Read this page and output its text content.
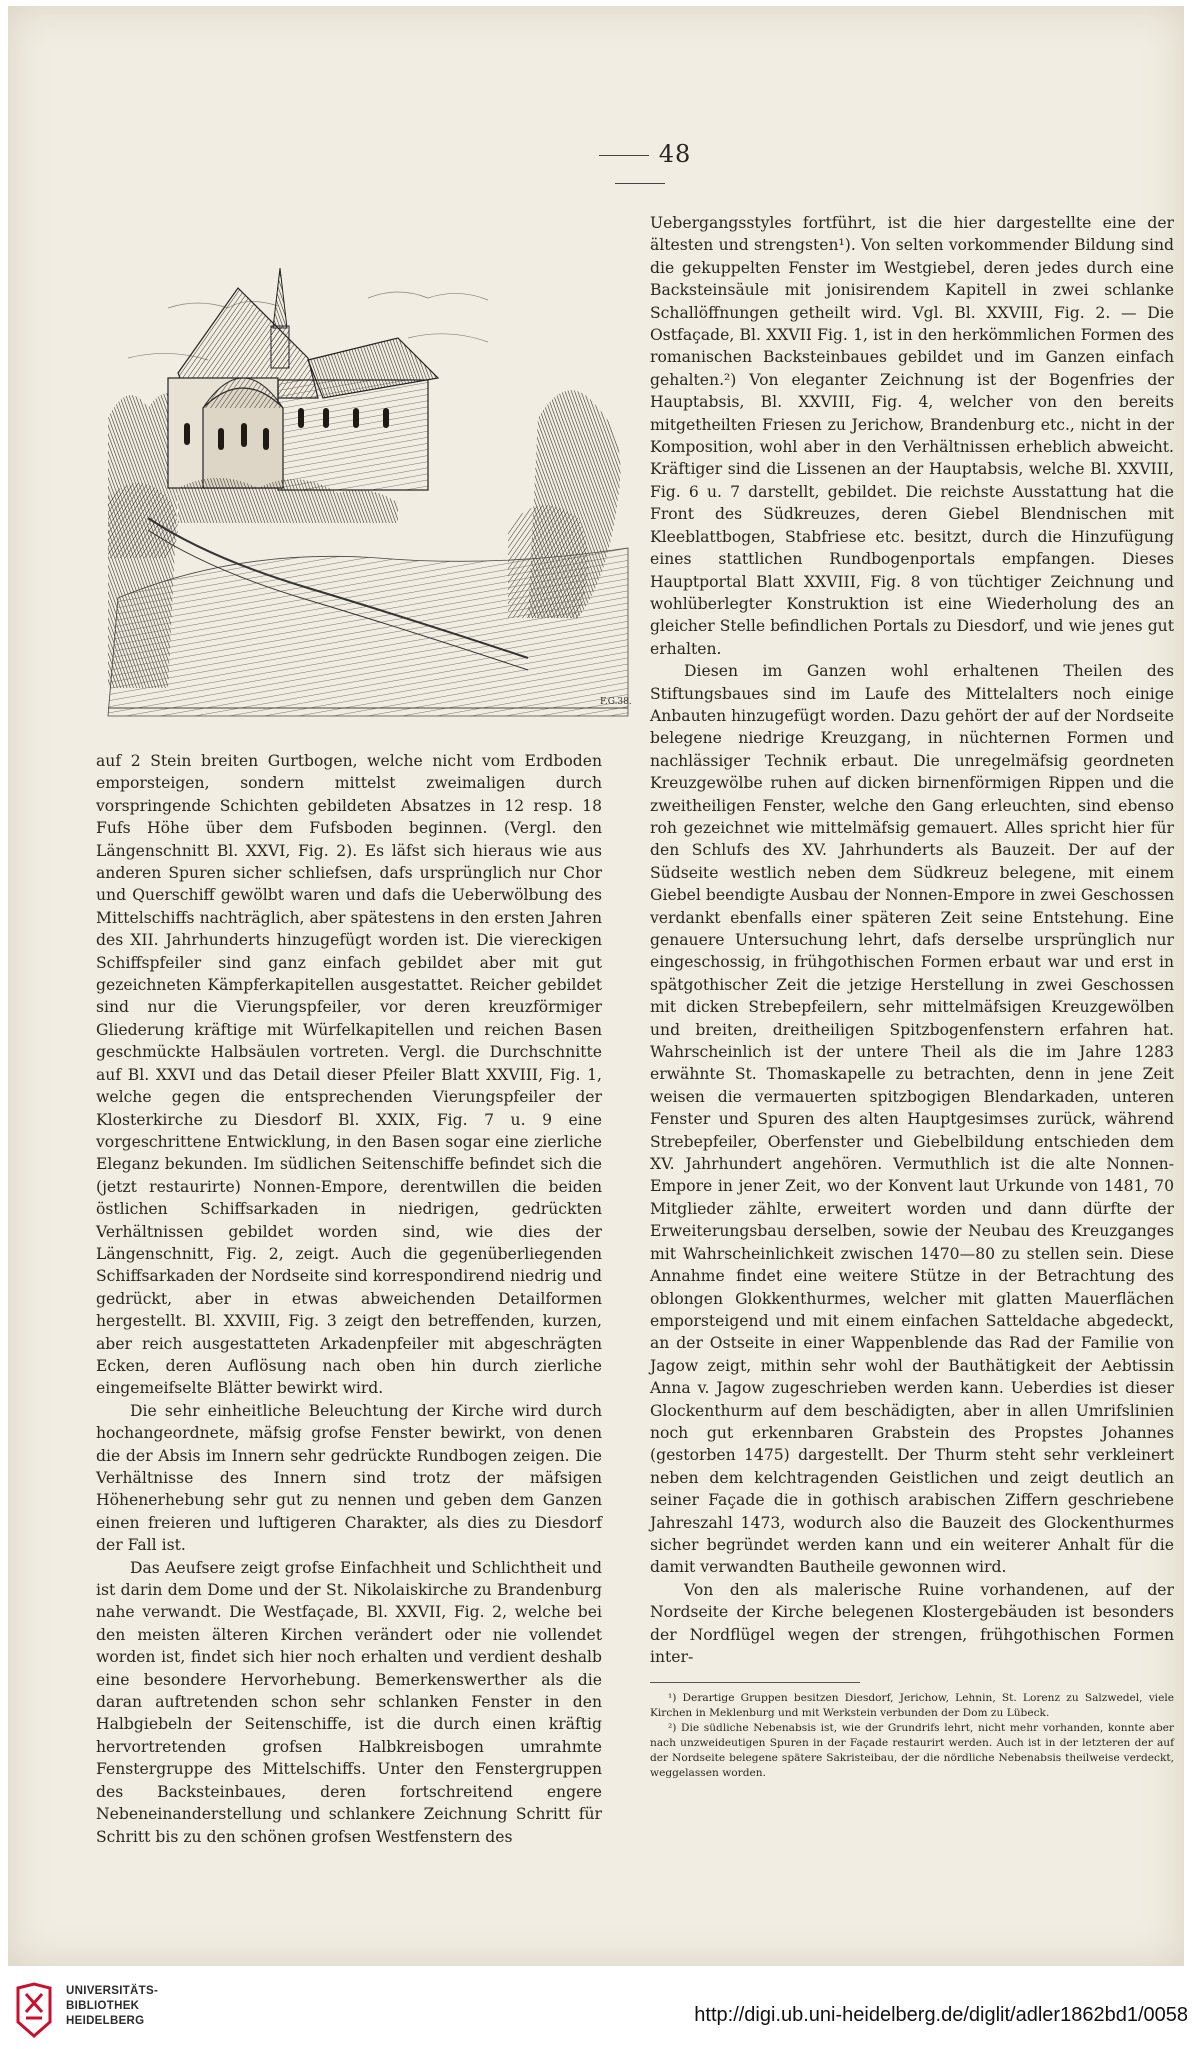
48
F.G.38.

auf 2 Stein breiten Gurtbogen, welche nicht vom Erdboden emporsteigen, sondern mittelst zweimaligen durch vorspringende Schichten gebildeten Absatzes in 12 resp. 18 Fufs Höhe über dem Fufsboden beginnen. (Vergl. den Längenschnitt Bl. XXVI, Fig. 2). Es läfst sich hieraus wie aus anderen Spuren sicher schliefsen, dafs ursprünglich nur Chor und Querschiff gewölbt waren und dafs die Ueberwölbung des Mittelschiffs nachträglich, aber spätestens in den ersten Jahren des XII. Jahrhunderts hinzugefügt worden ist. Die viereckigen Schiffspfeiler sind ganz einfach gebildet aber mit gut gezeichneten Kämpferkapitellen ausgestattet. Reicher gebildet sind nur die Vierungspfeiler, vor deren kreuzförmiger Gliederung kräftige mit Würfelkapitellen und reichen Basen geschmückte Halbsäulen vortreten. Vergl. die Durchschnitte auf Bl. XXVI und das Detail dieser Pfeiler Blatt XXVIII, Fig. 1, welche gegen die entsprechenden Vierungspfeiler der Klosterkirche zu Diesdorf Bl. XXIX, Fig. 7 u. 9 eine vorgeschrittene Entwicklung, in den Basen sogar eine zierliche Eleganz bekunden. Im südlichen Seitenschiffe befindet sich die (jetzt restaurirte) Nonnen-Empore, derentwillen die beiden östlichen Schiffsarkaden in niedrigen, gedrückten Verhältnissen gebildet worden sind, wie dies der Längenschnitt, Fig. 2, zeigt. Auch die gegenüberliegenden Schiffsarkaden der Nordseite sind korrespondirend niedrig und gedrückt, aber in etwas abweichenden Detailformen hergestellt. Bl. XXVIII, Fig. 3 zeigt den betreffenden, kurzen, aber reich ausgestatteten Arkadenpfeiler mit abgeschrägten Ecken, deren Auflösung nach oben hin durch zierliche eingemeifselte Blätter bewirkt wird.

Die sehr einheitliche Beleuchtung der Kirche wird durch hochangeordnete, mäfsig grofse Fenster bewirkt, von denen die der Absis im Innern sehr gedrückte Rundbogen zeigen. Die Verhältnisse des Innern sind trotz der mäfsigen Höhenerhebung sehr gut zu nennen und geben dem Ganzen einen freieren und luftigeren Charakter, als dies zu Diesdorf der Fall ist.

Das Aeufsere zeigt grofse Einfachheit und Schlichtheit und ist darin dem Dome und der St. Nikolaiskirche zu Brandenburg nahe verwandt. Die Westfaçade, Bl. XXVII, Fig. 2, welche bei den meisten älteren Kirchen verändert oder nie vollendet worden ist, findet sich hier noch erhalten und verdient deshalb eine besondere Hervorhebung. Bemerkenswerther als die daran auftretenden schon sehr schlanken Fenster in den Halbgiebeln der Seitenschiffe, ist die durch einen kräftig hervortretenden grofsen Halbkreisbogen umrahmte Fenstergruppe des Mittelschiffs. Unter den Fenstergruppen des Backsteinbaues, deren fortschreitend engere Nebeneinanderstellung und schlankere Zeichnung Schritt für Schritt bis zu den schönen grofsen Westfenstern des

Uebergangsstyles fortführt, ist die hier dargestellte eine der ältesten und strengsten¹). Von selten vorkommender Bildung sind die gekuppelten Fenster im Westgiebel, deren jedes durch eine Backsteinsäule mit jonisirendem Kapitell in zwei schlanke Schallöffnungen getheilt wird. Vgl. Bl. XXVIII, Fig. 2. — Die Ostfaçade, Bl. XXVII Fig. 1, ist in den herkömmlichen Formen des romanischen Backsteinbaues gebildet und im Ganzen einfach gehalten.²) Von eleganter Zeichnung ist der Bogenfries der Hauptabsis, Bl. XXVIII, Fig. 4, welcher von den bereits mitgetheilten Friesen zu Jerichow, Brandenburg etc., nicht in der Komposition, wohl aber in den Verhältnissen erheblich abweicht. Kräftiger sind die Lissenen an der Hauptabsis, welche Bl. XXVIII, Fig. 6 u. 7 darstellt, gebildet. Die reichste Ausstattung hat die Front des Südkreuzes, deren Giebel Blendnischen mit Kleeblattbogen, Stabfriese etc. besitzt, durch die Hinzufügung eines stattlichen Rundbogenportals empfangen. Dieses Hauptportal Blatt XXVIII, Fig. 8 von tüchtiger Zeichnung und wohlüberlegter Konstruktion ist eine Wiederholung des an gleicher Stelle befindlichen Portals zu Diesdorf, und wie jenes gut erhalten.

Diesen im Ganzen wohl erhaltenen Theilen des Stiftungsbaues sind im Laufe des Mittelalters noch einige Anbauten hinzugefügt worden. Dazu gehört der auf der Nordseite belegene niedrige Kreuzgang, in nüchternen Formen und nachlässiger Technik erbaut. Die unregelmäfsig geordneten Kreuzgewölbe ruhen auf dicken birnenförmigen Rippen und die zweitheiligen Fenster, welche den Gang erleuchten, sind ebenso roh gezeichnet wie mittelmäfsig gemauert. Alles spricht hier für den Schlufs des XV. Jahrhunderts als Bauzeit. Der auf der Südseite westlich neben dem Südkreuz belegene, mit einem Giebel beendigte Ausbau der Nonnen-Empore in zwei Geschossen verdankt ebenfalls einer späteren Zeit seine Entstehung. Eine genauere Untersuchung lehrt, dafs derselbe ursprünglich nur eingeschossig, in frühgothischen Formen erbaut war und erst in spätgothischer Zeit die jetzige Herstellung in zwei Geschossen mit dicken Strebepfeilern, sehr mittelmäfsigen Kreuzgewölben und breiten, dreitheiligen Spitzbogenfenstern erfahren hat. Wahrscheinlich ist der untere Theil als die im Jahre 1283 erwähnte St. Thomaskapelle zu betrachten, denn in jene Zeit weisen die vermauerten spitzbogigen Blendarkaden, unteren Fenster und Spuren des alten Hauptgesimses zurück, während Strebepfeiler, Oberfenster und Giebelbildung entschieden dem XV. Jahrhundert angehören. Vermuthlich ist die alte Nonnen-Empore in jener Zeit, wo der Konvent laut Urkunde von 1481, 70 Mitglieder zählte, erweitert worden und dann dürfte der Erweiterungsbau derselben, sowie der Neubau des Kreuzganges mit Wahrscheinlichkeit zwischen 1470—80 zu stellen sein. Diese Annahme findet eine weitere Stütze in der Betrachtung des oblongen Glokkenthurmes, welcher mit glatten Mauerflächen emporsteigend und mit einem einfachen Satteldache abgedeckt, an der Ostseite in einer Wappenblende das Rad der Familie von Jagow zeigt, mithin sehr wohl der Bauthätigkeit der Aebtissin Anna v. Jagow zugeschrieben werden kann. Ueberdies ist dieser Glockenthurm auf dem beschädigten, aber in allen Umrifslinien noch gut erkennbaren Grabstein des Propstes Johannes (gestorben 1475) dargestellt. Der Thurm steht sehr verkleinert neben dem kelchtragenden Geistlichen und zeigt deutlich an seiner Façade die in gothisch arabischen Ziffern geschriebene Jahreszahl 1473, wodurch also die Bauzeit des Glockenthurmes sicher begründet werden kann und ein weiterer Anhalt für die damit verwandten Bautheile gewonnen wird.

Von den als malerische Ruine vorhandenen, auf der Nordseite der Kirche belegenen Klostergebäuden ist besonders der Nordflügel wegen der strengen, frühgothischen Formen inter-

¹) Derartige Gruppen besitzen Diesdorf, Jerichow, Lehnin, St. Lorenz zu Salzwedel, viele Kirchen in Meklenburg und mit Werkstein verbunden der Dom zu Lübeck.

²) Die südliche Nebenabsis ist, wie der Grundrifs lehrt, nicht mehr vorhanden, konnte aber nach unzweideutigen Spuren in der Façade restaurirt werden. Auch ist in der letzteren der auf der Nordseite belegene spätere Sakristeibau, der die nördliche Nebenabsis theilweise verdeckt, weggelassen worden.

UNIVERSITÄTS-
BIBLIOTHEK
HEIDELBERG	http://digi.ub.uni-heidelberg.de/diglit/adler1862bd1/0058
